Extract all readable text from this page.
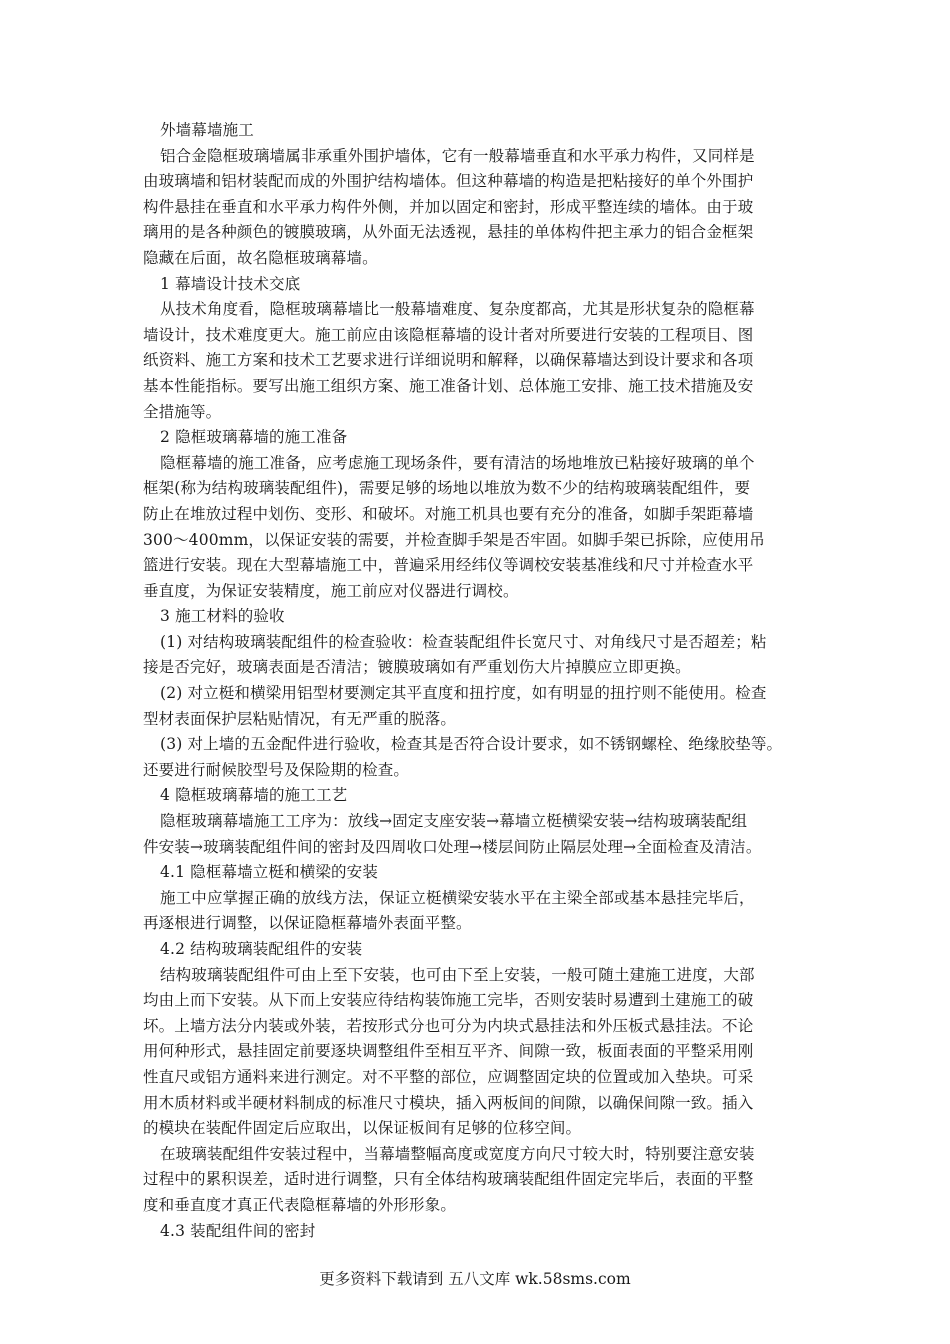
外墙幕墙施工
铝合金隐框玻璃墙属非承重外围护墙体，它有一般幕墙垂直和水平承力构件，又同样是
由玻璃墙和铝材装配而成的外围护结构墙体。但这种幕墙的构造是把粘接好的单个外围护
构件悬挂在垂直和水平承力构件外侧，并加以固定和密封，形成平整连续的墙体。由于玻
璃用的是各种颜色的镀膜玻璃，从外面无法透视，悬挂的单体构件把主承力的铝合金框架
隐藏在后面，故名隐框玻璃幕墙。
1 幕墙设计技术交底
从技术角度看，隐框玻璃幕墙比一般幕墙难度、复杂度都高，尤其是形状复杂的隐框幕
墙设计，技术难度更大。施工前应由该隐框幕墙的设计者对所要进行安装的工程项目、图
纸资料、施工方案和技术工艺要求进行详细说明和解释，以确保幕墙达到设计要求和各项
基本性能指标。要写出施工组织方案、施工准备计划、总体施工安排、施工技术措施及安
全措施等。
2 隐框玻璃幕墙的施工准备
隐框幕墙的施工准备，应考虑施工现场条件，要有清洁的场地堆放已粘接好玻璃的单个
框架(称为结构玻璃装配组件)，需要足够的场地以堆放为数不少的结构玻璃装配组件，要
防止在堆放过程中划伤、变形、和破坏。对施工机具也要有充分的准备，如脚手架距幕墙
300～400mm，以保证安装的需要，并检查脚手架是否牢固。如脚手架已拆除，应使用吊
篮进行安装。现在大型幕墙施工中，普遍采用经纬仪等调校安装基准线和尺寸并检查水平
垂直度，为保证安装精度，施工前应对仪器进行调校。
3 施工材料的验收
(1) 对结构玻璃装配组件的检查验收：检查装配组件长宽尺寸、对角线尺寸是否超差；粘
接是否完好，玻璃表面是否清洁；镀膜玻璃如有严重划伤大片掉膜应立即更换。
(2) 对立梃和横梁用铝型材要测定其平直度和扭拧度，如有明显的扭拧则不能使用。检查
型材表面保护层粘贴情况，有无严重的脱落。
(3) 对上墙的五金配件进行验收，检查其是否符合设计要求，如不锈钢螺栓、绝缘胶垫等。
还要进行耐候胶型号及保险期的检查。
4 隐框玻璃幕墙的施工工艺
隐框玻璃幕墙施工工序为：放线→固定支座安装→幕墙立梃横梁安装→结构玻璃装配组
件安装→玻璃装配组件间的密封及四周收口处理→楼层间防止隔层处理→全面检查及清洁。
4.1 隐框幕墙立梃和横梁的安装
施工中应掌握正确的放线方法，保证立梃横梁安装水平在主梁全部或基本悬挂完毕后，
再逐根进行调整，以保证隐框幕墙外表面平整。
4.2 结构玻璃装配组件的安装
结构玻璃装配组件可由上至下安装，也可由下至上安装，一般可随土建施工进度，大部
均由上而下安装。从下而上安装应待结构装饰施工完毕，否则安装时易遭到土建施工的破
坏。上墙方法分内装或外装，若按形式分也可分为内块式悬挂法和外压板式悬挂法。不论
用何种形式，悬挂固定前要逐块调整组件至相互平齐、间隙一致，板面表面的平整采用刚
性直尺或铝方通料来进行测定。对不平整的部位，应调整固定块的位置或加入垫块。可采
用木质材料或半硬材料制成的标准尺寸模块，插入两板间的间隙，以确保间隙一致。插入
的模块在装配件固定后应取出，以保证板间有足够的位移空间。
在玻璃装配组件安装过程中，当幕墙整幅高度或宽度方向尺寸较大时，特别要注意安装
过程中的累积误差，适时进行调整，只有全体结构玻璃装配组件固定完毕后，表面的平整
度和垂直度才真正代表隐框幕墙的外形形象。
4.3 装配组件间的密封
更多资料下载请到 五八文库 wk.58sms.com
